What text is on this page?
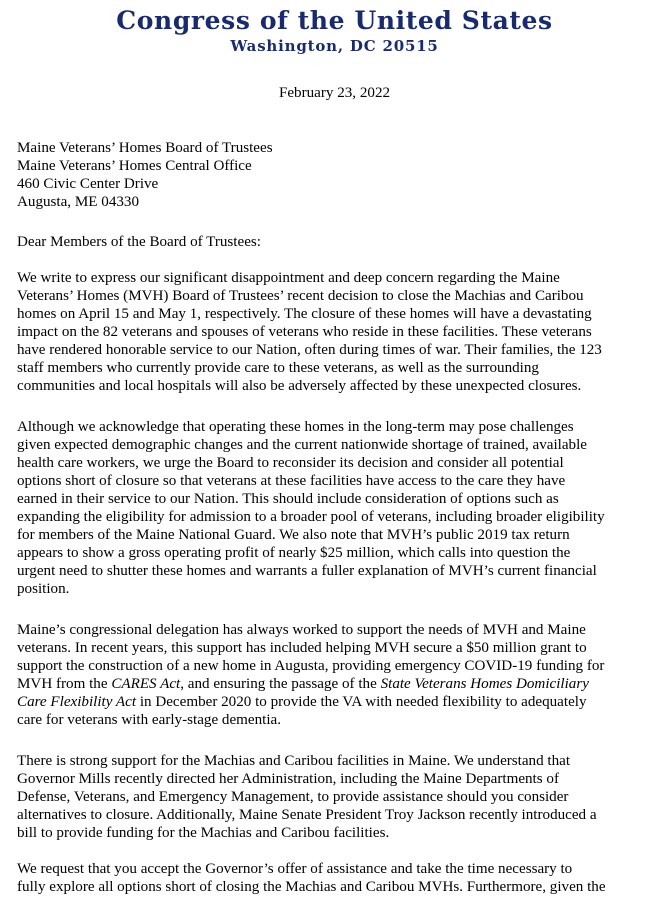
Congress of the United States
Washington, DC 20515
February 23, 2022
Maine Veterans’ Homes Board of Trustees
Maine Veterans’ Homes Central Office
460 Civic Center Drive
Augusta, ME 04330
Dear Members of the Board of Trustees:
We write to express our significant disappointment and deep concern regarding the Maine
Veterans’ Homes (MVH) Board of Trustees’ recent decision to close the Machias and Caribou
homes on April 15 and May 1, respectively. The closure of these homes will have a devastating
impact on the 82 veterans and spouses of veterans who reside in these facilities. These veterans
have rendered honorable service to our Nation, often during times of war. Their families, the 123
staff members who currently provide care to these veterans, as well as the surrounding
communities and local hospitals will also be adversely affected by these unexpected closures.
Although we acknowledge that operating these homes in the long-term may pose challenges
given expected demographic changes and the current nationwide shortage of trained, available
health care workers, we urge the Board to reconsider its decision and consider all potential
options short of closure so that veterans at these facilities have access to the care they have
earned in their service to our Nation. This should include consideration of options such as
expanding the eligibility for admission to a broader pool of veterans, including broader eligibility
for members of the Maine National Guard. We also note that MVH’s public 2019 tax return
appears to show a gross operating profit of nearly $25 million, which calls into question the
urgent need to shutter these homes and warrants a fuller explanation of MVH’s current financial
position.
Maine’s congressional delegation has always worked to support the needs of MVH and Maine
veterans. In recent years, this support has included helping MVH secure a $50 million grant to
support the construction of a new home in Augusta, providing emergency COVID-19 funding for
MVH from the CARES Act, and ensuring the passage of the State Veterans Homes Domiciliary
Care Flexibility Act in December 2020 to provide the VA with needed flexibility to adequately
care for veterans with early-stage dementia.
There is strong support for the Machias and Caribou facilities in Maine. We understand that
Governor Mills recently directed her Administration, including the Maine Departments of
Defense, Veterans, and Emergency Management, to provide assistance should you consider
alternatives to closure. Additionally, Maine Senate President Troy Jackson recently introduced a
bill to provide funding for the Machias and Caribou facilities.
We request that you accept the Governor’s offer of assistance and take the time necessary to
fully explore all options short of closing the Machias and Caribou MVHs. Furthermore, given the
